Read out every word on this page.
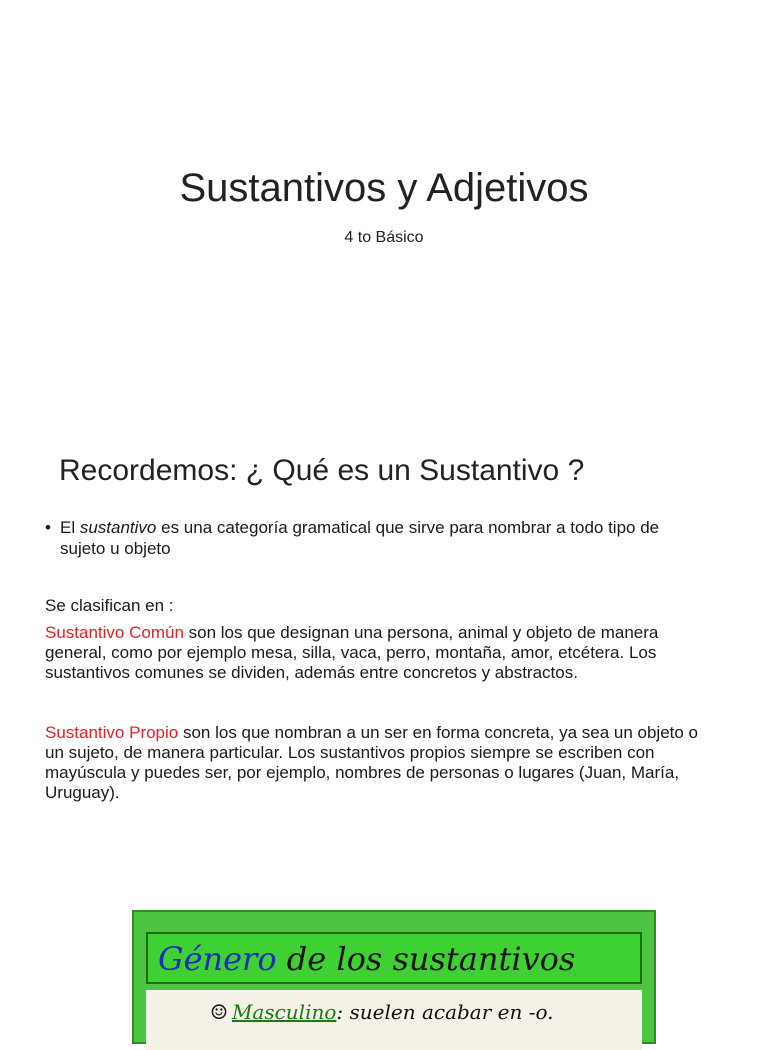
Sustantivos y Adjetivos
4 to Básico
Recordemos: ¿ Qué es un Sustantivo ?
• El sustantivo es una categoría gramatical que sirve para nombrar a todo tipo de sujeto u objeto
Se clasifican en :
Sustantivo Común son los que designan una persona, animal y objeto de manera general, como por ejemplo mesa, silla, vaca, perro, montaña, amor, etcétera. Los sustantivos comunes se dividen, además entre concretos y abstractos.
Sustantivo Propio son los que nombran a un ser en forma concreta, ya sea un objeto o un sujeto, de manera particular. Los sustantivos propios siempre se escriben con mayúscula y puedes ser, por ejemplo, nombres de personas o lugares (Juan, María, Uruguay).
Género de los sustantivos
☺ Masculino: suelen acabar en -o.
